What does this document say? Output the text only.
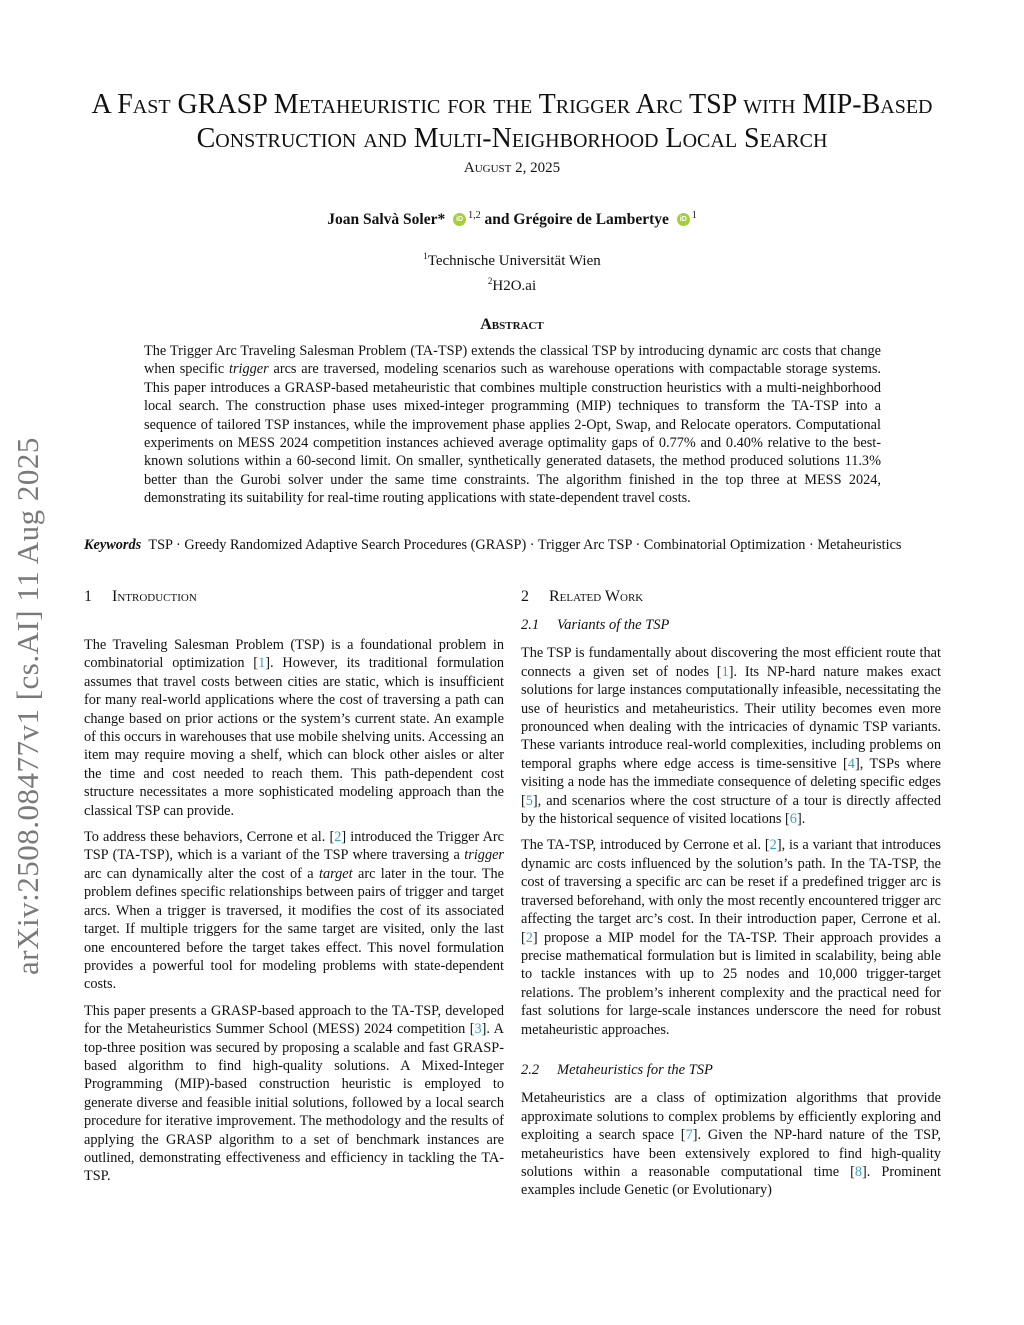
arXiv:2508.08477v1 [cs.AI] 11 Aug 2025
A Fast GRASP Metaheuristic for the Trigger Arc TSP with MIP-Based Construction and Multi-Neighborhood Local Search
August 2, 2025
Joan Salvà Soler* iD $^{1,2}$ and Grégoire de Lambertye iD $^1$
$^1$Technische Universität Wien
$^2$H2O.ai
Abstract
The Trigger Arc Traveling Salesman Problem (TA-TSP) extends the classical TSP by introducing dynamic arc costs that change when specific trigger arcs are traversed, modeling scenarios such as warehouse operations with compactable storage systems. This paper introduces a GRASP-based metaheuristic that combines multiple construction heuristics with a multi-neighborhood local search. The construction phase uses mixed-integer programming (MIP) techniques to transform the TA-TSP into a sequence of tailored TSP instances, while the improvement phase applies 2-Opt, Swap, and Relocate operators. Computational experiments on MESS 2024 competition instances achieved average optimality gaps of 0.77% and 0.40% relative to the best-known solutions within a 60-second limit. On smaller, synthetically generated datasets, the method produced solutions 11.3% better than the Gurobi solver under the same time constraints. The algorithm finished in the top three at MESS 2024, demonstrating its suitability for real-time routing applications with state-dependent travel costs.
Keywords TSP · Greedy Randomized Adaptive Search Procedures (GRASP) · Trigger Arc TSP · Combinatorial Optimization · Metaheuristics
1 Introduction

The Traveling Salesman Problem (TSP) is a foundational problem in combinatorial optimization [1]. However, its traditional formulation assumes that travel costs between cities are static, which is insufficient for many real-world applications where the cost of traversing a path can change based on prior actions or the system’s current state. An example of this occurs in warehouses that use mobile shelving units. Accessing an item may require moving a shelf, which can block other aisles or alter the time and cost needed to reach them. This path-dependent cost structure necessitates a more sophisticated modeling approach than the classical TSP can provide.

To address these behaviors, Cerrone et al. [2] introduced the Trigger Arc TSP (TA-TSP), which is a variant of the TSP where traversing a trigger arc can dynamically alter the cost of a target arc later in the tour. The problem defines specific relationships between pairs of trigger and target arcs. When a trigger is traversed, it modifies the cost of its associated target. If multiple triggers for the same target are visited, only the last one encountered before the target takes effect. This novel formulation provides a powerful tool for modeling problems with state-dependent costs.

This paper presents a GRASP-based approach to the TA-TSP, developed for the Metaheuristics Summer School (MESS) 2024 competition [3]. A top-three position was secured by proposing a scalable and fast GRASP-based algorithm to find high-quality solutions. A Mixed-Integer Programming (MIP)-based construction heuristic is employed to generate diverse and feasible initial solutions, followed by a local search procedure for iterative improvement. The methodology and the results of applying the GRASP algorithm to a set of benchmark instances are outlined, demonstrating effectiveness and efficiency in tackling the TA-TSP.

2 Related Work
2.1 Variants of the TSP

The TSP is fundamentally about discovering the most efficient route that connects a given set of nodes [1]. Its NP-hard nature makes exact solutions for large instances computationally infeasible, necessitating the use of heuristics and metaheuristics. Their utility becomes even more pronounced when dealing with the intricacies of dynamic TSP variants. These variants introduce real-world complexities, including problems on temporal graphs where edge access is time-sensitive [4], TSPs where visiting a node has the immediate consequence of deleting specific edges [5], and scenarios where the cost structure of a tour is directly affected by the historical sequence of visited locations [6].

The TA-TSP, introduced by Cerrone et al. [2], is a variant that introduces dynamic arc costs influenced by the solution’s path. In the TA-TSP, the cost of traversing a specific arc can be reset if a predefined trigger arc is traversed beforehand, with only the most recently encountered trigger arc affecting the target arc’s cost. In their introduction paper, Cerrone et al. [2] propose a MIP model for the TA-TSP. Their approach provides a precise mathematical formulation but is limited in scalability, being able to tackle instances with up to 25 nodes and 10,000 trigger-target relations. The problem’s inherent complexity and the practical need for fast solutions for large-scale instances underscore the need for robust metaheuristic approaches.

2.2 Metaheuristics for the TSP

Metaheuristics are a class of optimization algorithms that provide approximate solutions to complex problems by efficiently exploring and exploiting a search space [7]. Given the NP-hard nature of the TSP, metaheuristics have been extensively explored to find high-quality solutions within a reasonable computational time [8]. Prominent examples include Genetic (or Evolutionary)
